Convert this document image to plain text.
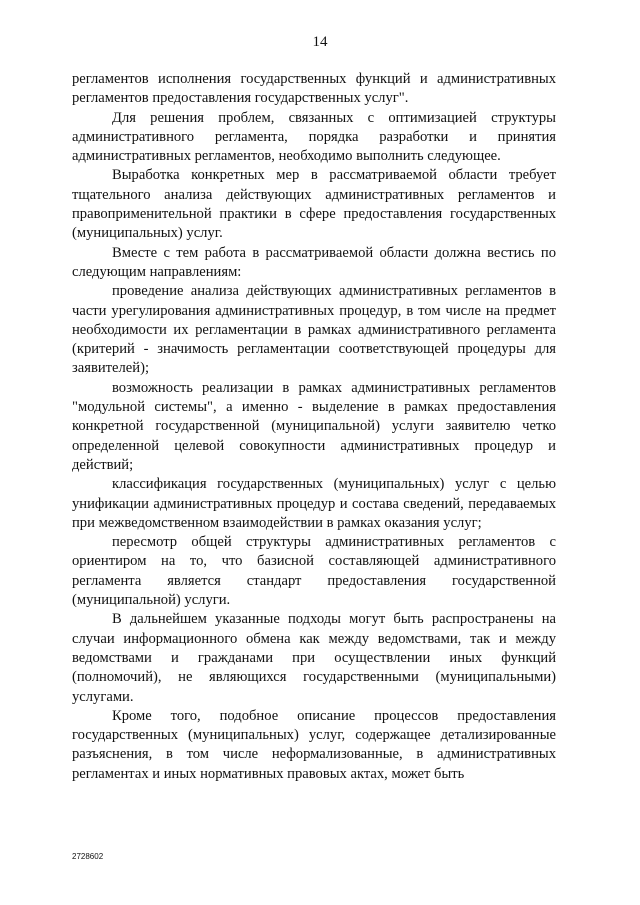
14

регламентов исполнения государственных функций и административных регламентов предоставления государственных услуг".

Для решения проблем, связанных с оптимизацией структуры административного регламента, порядка разработки и принятия административных регламентов, необходимо выполнить следующее.

Выработка конкретных мер в рассматриваемой области требует тщательного анализа действующих административных регламентов и правоприменительной практики в сфере предоставления государственных (муниципальных) услуг.

Вместе с тем работа в рассматриваемой области должна вестись по следующим направлениям:

проведение анализа действующих административных регламентов в части урегулирования административных процедур, в том числе на предмет необходимости их регламентации в рамках административного регламента (критерий - значимость регламентации соответствующей процедуры для заявителей);

возможность реализации в рамках административных регламентов "модульной системы", а именно - выделение в рамках предоставления конкретной государственной (муниципальной) услуги заявителю четко определенной целевой совокупности административных процедур и действий;

классификация государственных (муниципальных) услуг с целью унификации административных процедур и состава сведений, передаваемых при межведомственном взаимодействии в рамках оказания услуг;

пересмотр общей структуры административных регламентов с ориентиром на то, что базисной составляющей административного регламента является стандарт предоставления государственной (муниципальной) услуги.

В дальнейшем указанные подходы могут быть распространены на случаи информационного обмена как между ведомствами, так и между ведомствами и гражданами при осуществлении иных функций (полномочий), не являющихся государственными (муниципальными) услугами.

Кроме того, подобное описание процессов предоставления государственных (муниципальных) услуг, содержащее детализированные разъяснения, в том числе неформализованные, в административных регламентах и иных нормативных правовых актах, может быть

2728602
